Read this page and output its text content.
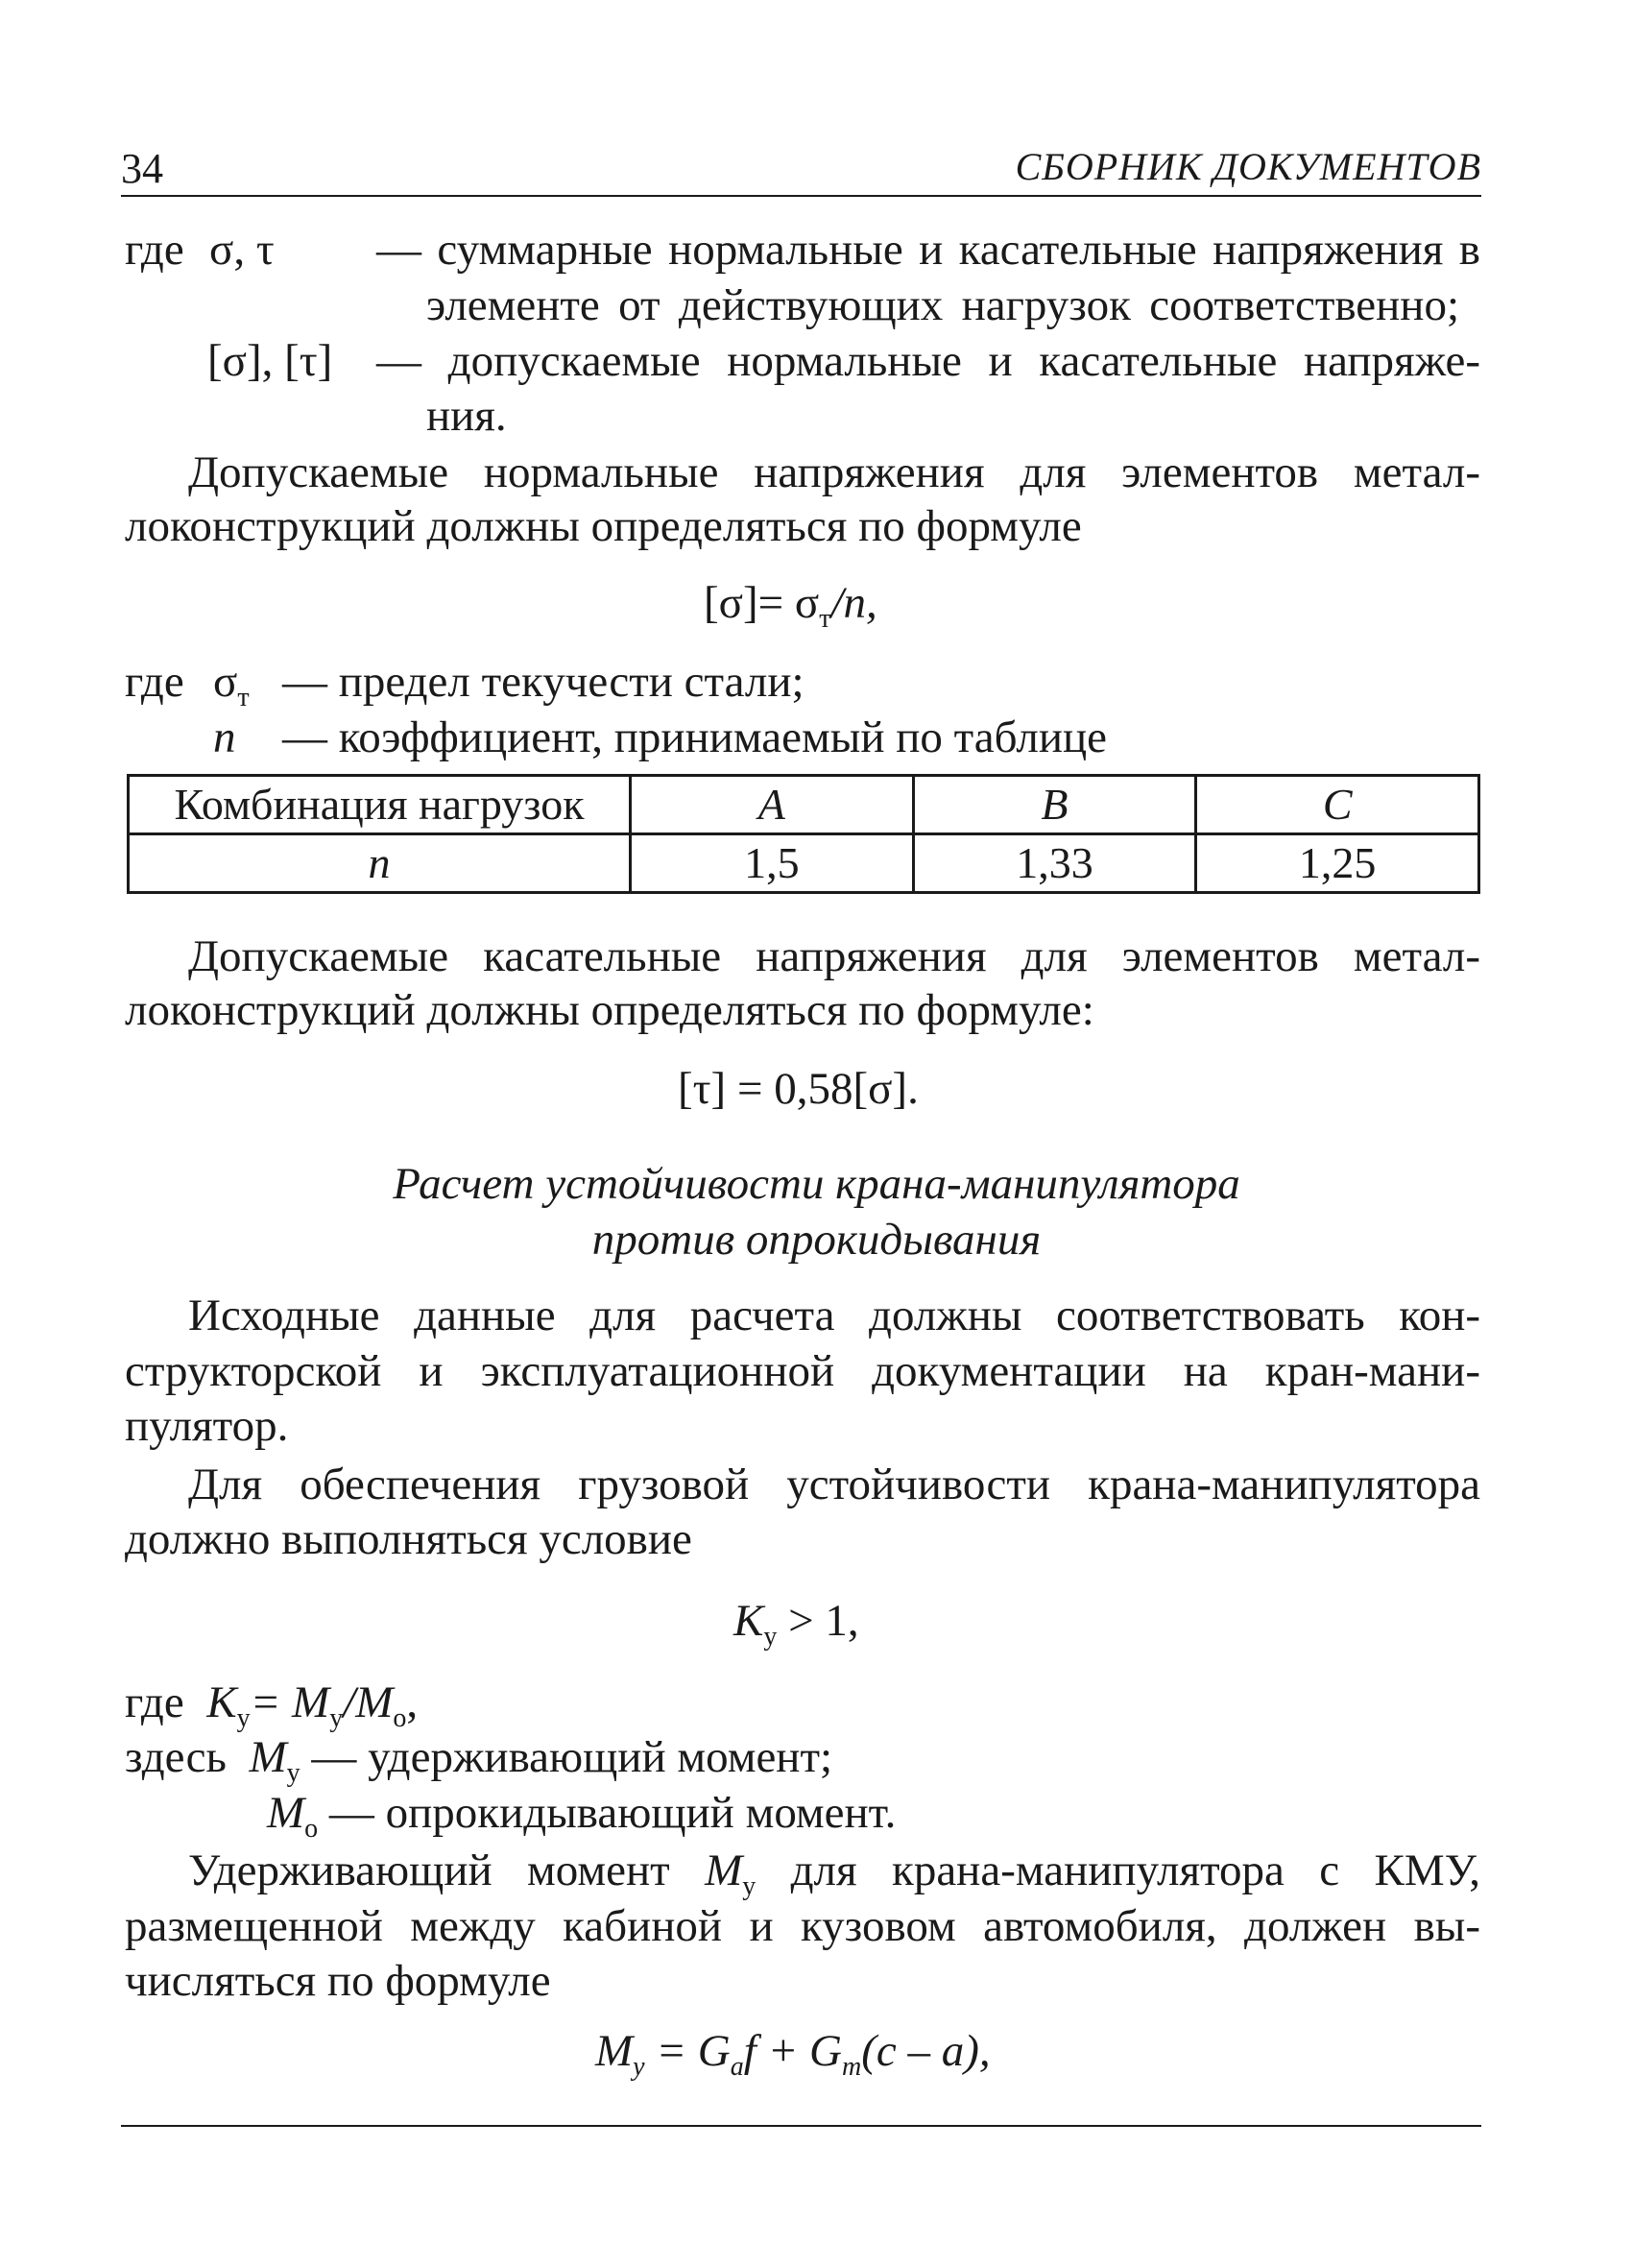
34	СБОРНИК ДОКУМЕНТОВ
где σ, τ — суммарные нормальные и касательные напряжения в
элементе от действующих нагрузок соответственно;
[σ], [τ] — допускаемые нормальные и касательные напряже-
ния.
Допускаемые нормальные напряжения для элементов метал-
локонструкций должны определяться по формуле
$[\sigma]= \sigma_т/n$,
где $\sigma_т$ — предел текучести стали;
n — коэффициент, принимаемый по таблице
Комбинация нагрузок	A	B	C
n	1,5	1,33	1,25
Допускаемые касательные напряжения для элементов метал-
локонструкций должны определяться по формуле:
[τ] = 0,58[σ].
Расчет устойчивости крана-манипулятора
против опрокидывания
Исходные данные для расчета должны соответствовать кон-
структорской и эксплуатационной документации на кран-мани-
пулятор.
Для обеспечения грузовой устойчивости крана-манипулятора
должно выполняться условие
$K_у > 1$,
где $K_у= M_у/M_о$,
здесь $M_у$ — удерживающий момент;
$M_о$ — опрокидывающий момент.
Удерживающий момент $M_у$ для крана-манипулятора с КМУ,
размещенной между кабиной и кузовом автомобиля, должен вы-
числяться по формуле
$M_у = G_af + G_m(c - a)$,
